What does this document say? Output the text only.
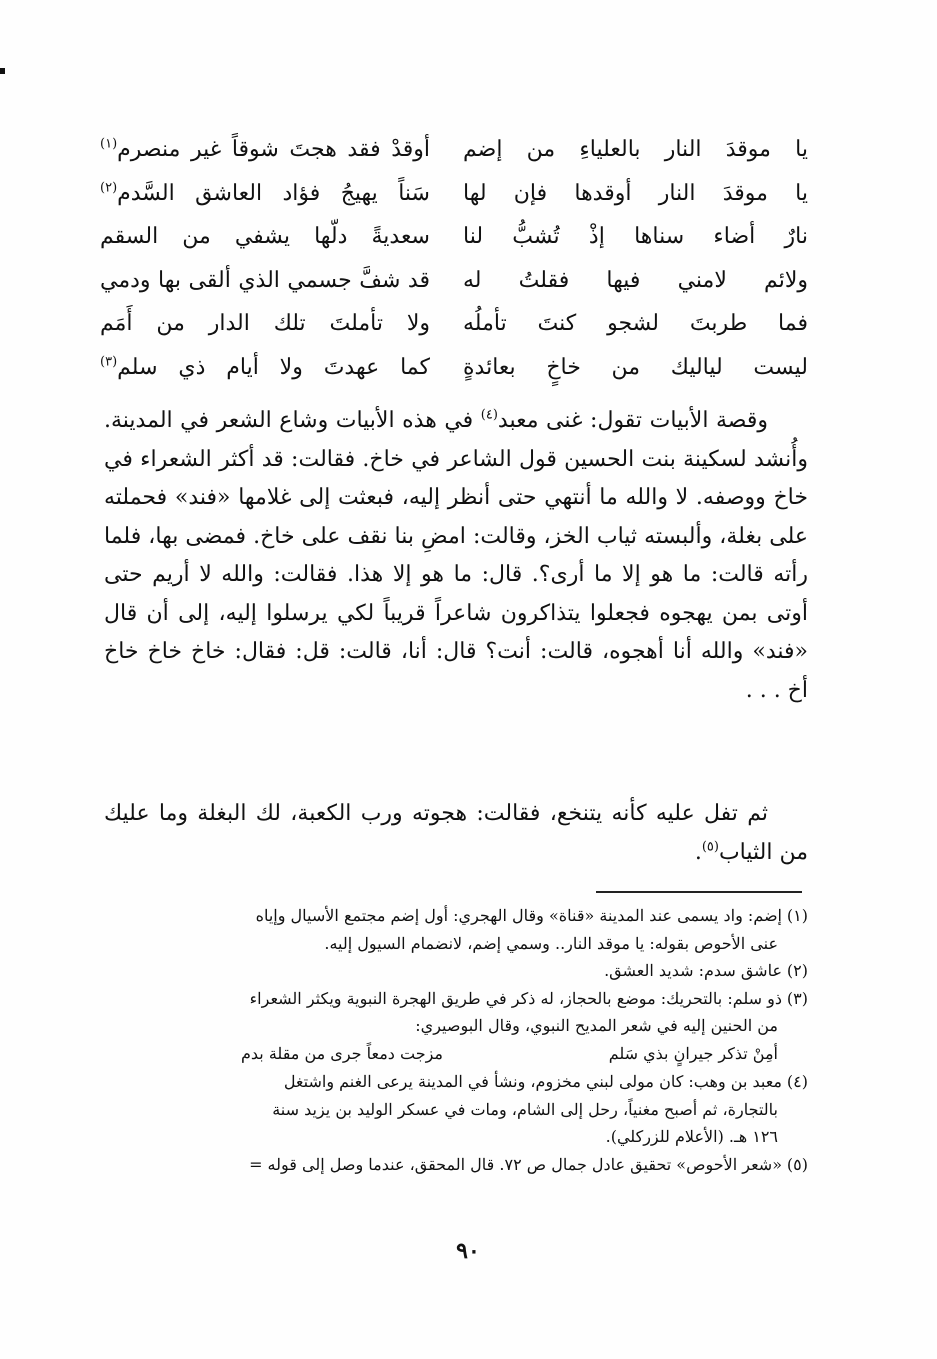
يا موقدَ النار بالعلياءِ من إضم
أوقدْ فقد هجتَ شوقاً غير منصرم$^{(١)}$
يا موقدَ النار أوقدها فإن لها
سَناً يهيجُ فؤاد العاشق السَّدم$^{(٢)}$
نارٌ أضاء سناها إذْ تُشبُّ لنا
سعديةً دلّها يشفي من السقم
ولائم لامني فيها فقلتُ له
قد شفَّ جسمي الذي ألقى بها ودمي
فما طربتَ لشجو كنتَ تأملُه
ولا تأملتَ تلك الدار من أَمَم
ليست لياليك من خاخٍ بعائدةٍ
كما عهدتَ ولا أيام ذي سلم$^{(٣)}$
وقصة الأبيات تقول: غنى معبد$^{(٤)}$ في هذه الأبيات وشاع الشعر في المدينة. وأُنشد لسكينة بنت الحسين قول الشاعر في خاخ. فقالت: قد أكثر الشعراء في خاخ ووصفه. لا والله ما أنتهي حتى أنظر إليه، فبعثت إلى غلامها «فند» فحملته على بغلة، وألبسته ثياب الخز، وقالت: امضِ بنا نقف على خاخ. فمضى بها، فلما رأته قالت: ما هو إلا ما أرى؟. قال: ما هو إلا هذا. فقالت: والله لا أريم حتى أوتى بمن يهجوه فجعلوا يتذاكرون شاعراً قريباً لكي يرسلوا إليه، إلى أن قال «فند» والله أنا أهجوه، قالت: أنت؟ قال: أنا، قالت: قل: فقال: خاخ خاخ خاخ أخ . . .
ثم تفل عليه كأنه يتنخع، فقالت: هجوته ورب الكعبة، لك البغلة وما عليك من الثياب$^{(٥)}$.
(١)إضم: واد يسمى عند المدينة «قناة» وقال الهجري: أول إضم مجتمع الأسيال وإياه
عنى الأحوص بقوله: يا موقد النار.. وسمي إضم، لانضمام السيول إليه.
(٢)عاشق سدم: شديد العشق.
(٣)ذو سلم: بالتحريك: موضع بالحجاز، له ذكر في طريق الهجرة النبوية ويكثر الشعراء
من الحنين إليه في شعر المديح النبوي، وقال البوصيري:
أمِنْ تذكر جيرانٍ بذي سَلم
مزجت دمعاً جرى من مقلة بدم
(٤)معبد بن وهب: كان مولى لبني مخزوم، ونشأ في المدينة يرعى الغنم واشتغل
بالتجارة، ثم أصبح مغنياً، رحل إلى الشام، ومات في عسكر الوليد بن يزيد سنة
١٢٦ هـ. (الأعلام للزركلي).
(٥)«شعر الأحوص» تحقيق عادل جمال ص ٧٢. قال المحقق، عندما وصل إلى قوله =
٩٠
